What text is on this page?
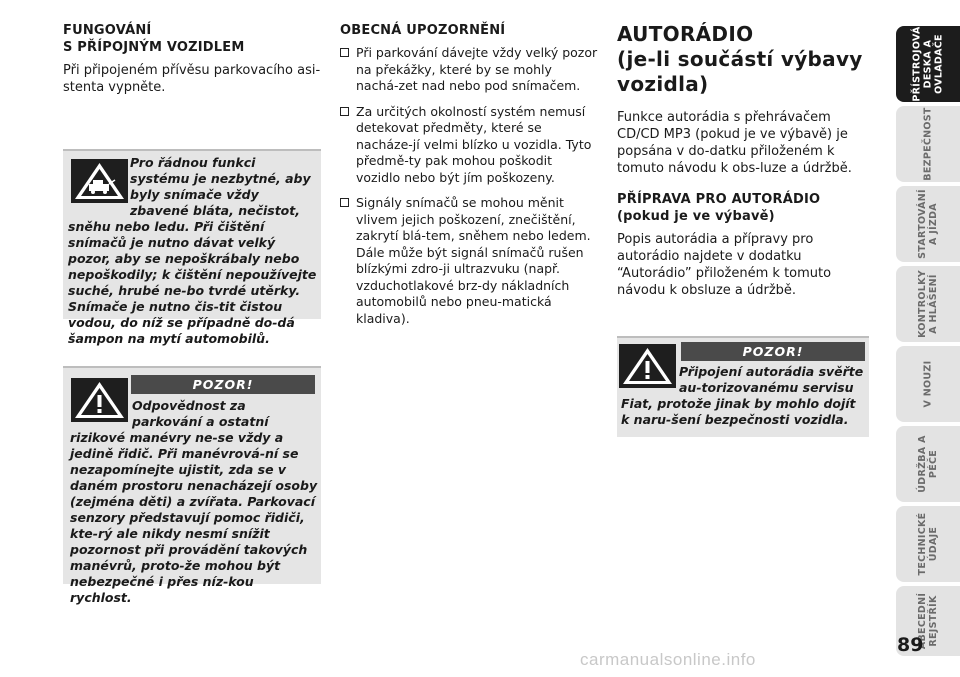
FUNGOVÁNÍ
S PŘÍPOJNÝM VOZIDLEM

Při připojeném přívěsu parkovacího asi-stenta vypněte.

Pro řádnou funkci systému je nezbytné, aby byly snímače vždy zbavené bláta, nečistot, sněhu nebo ledu. Při čištění snímačů je nutno dávat velký pozor, aby se nepoškrábaly nebo nepoškodily; k čištění nepoužívejte suché, hrubé ne-bo tvrdé utěrky. Snímače je nutno čis-tit čistou vodou, do níž se případně do-dá šampon na mytí automobilů.
POZOR!
Odpovědnost za parkování a ostatní rizikové manévry ne-se vždy a jedině řidič. Při manévrová-ní se nezapomínejte ujistit, zda se v daném prostoru nenacházejí osoby (zejména děti) a zvířata. Parkovací senzory představují pomoc řidiči, kte-rý ale nikdy nesmí snížit pozornost při provádění takových manévrů, proto-že mohou být nebezpečné i přes níz-kou rychlost.

OBECNÁ UPOZORNĚNÍ

Při parkování dávejte vždy velký pozor na překážky, které by se mohly nachá-zet nad nebo pod snímačem.
Za určitých okolností systém nemusí detekovat předměty, které se nacháze-jí velmi blízko u vozidla. Tyto předmě-ty pak mohou poškodit vozidlo nebo být jím poškozeny.
Signály snímačů se mohou měnit vlivem jejich poškození, znečištění, zakrytí blá-tem, sněhem nebo ledem. Dále může být signál snímačů rušen blízkými zdro-ji ultrazvuku (např. vzduchotlakové brz-dy nákladních automobilů nebo pneu-matická kladiva).

AUTORÁDIO
(je-li součástí výbavy
vozidla)

Funkce autorádia s přehrávačem CD/CD MP3 (pokud je ve výbavě) je popsána v do-datku přiloženém k tomuto návodu k obs-luze a údržbě.

PŘÍPRAVA PRO AUTORÁDIO
(pokud je ve výbavě)

Popis autorádia a přípravy pro autorádio najdete v dodatku “Autorádio” přiloženém k tomuto návodu k obsluze a údržbě.

POZOR!
Připojení autorádia svěřte au-torizovanému servisu Fiat, protože jinak by mohlo dojít k naru-šení bezpečnosti vozidla.
PŘÍSTROJOVÁ
DESKA A
OVLADAČE
BEZPEČNOST
STARTOVÁNÍ
A JÍZDA
KONTROLKY
A HLÁŠENÍ
V NOUZI
ÚDRŽBA A
PÉČE
TECHNICKÉ
ÚDAJE
ABECEDNÍ
REJSTŘÍK
89
carmanualsonline.info
